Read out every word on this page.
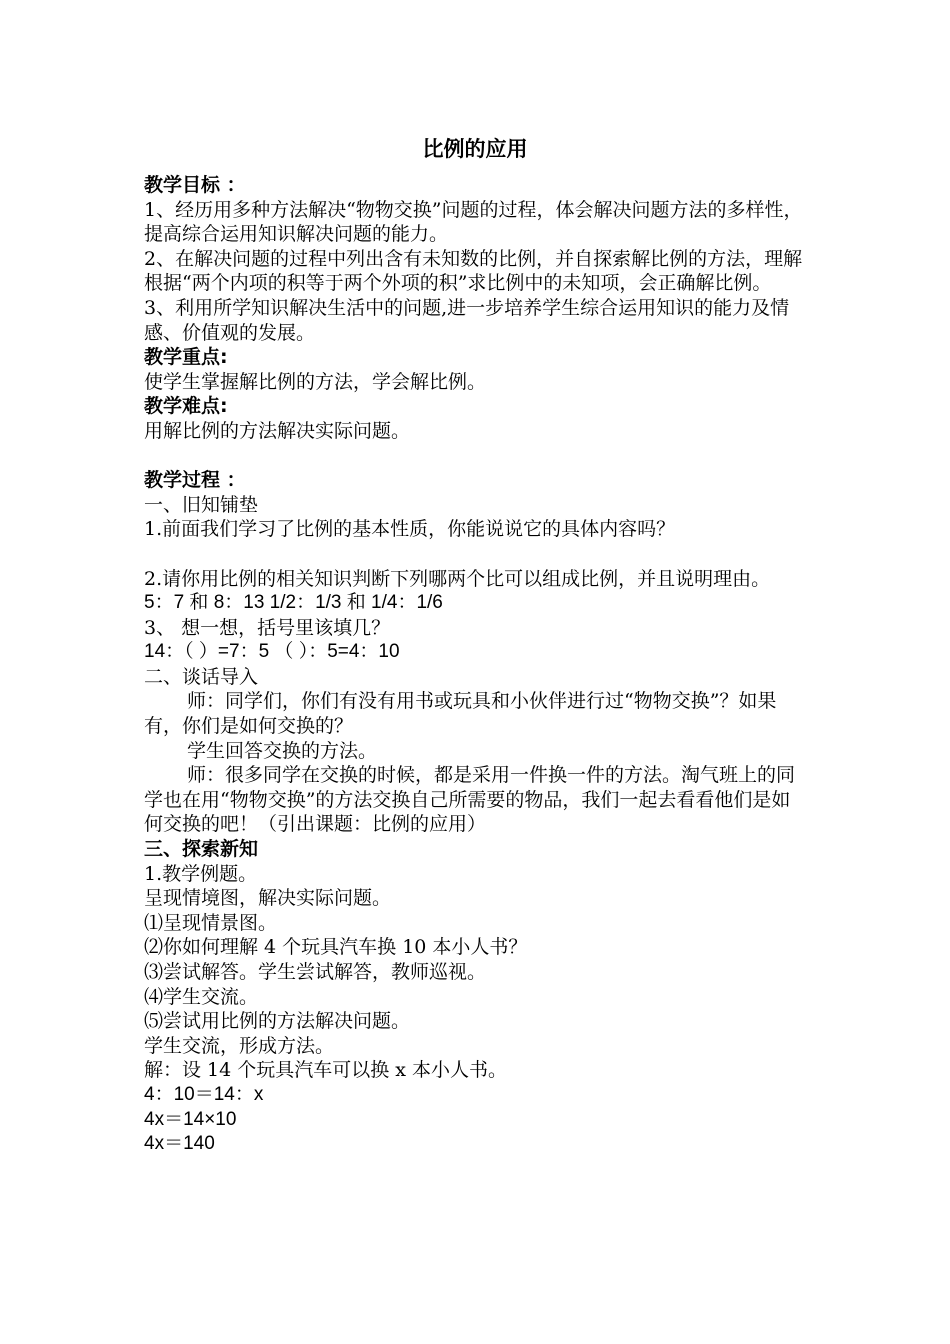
比例的应用

教学目标 ：

1、经历用多种方法解决“物物交换”问题的过程，体会解决问题方法的多样性，提高综合运用知识解决问题的能力。

2、在解决问题的过程中列出含有未知数的比例，并自探索解比例的方法，理解根据“两个内项的积等于两个外项的积”求比例中的未知项，会正确解比例。

3、利用所学知识解决生活中的问题,进一步培养学生综合运用知识的能力及情感、价值观的发展。

教学重点:

使学生掌握解比例的方法，学会解比例。

教学难点:

用解比例的方法解决实际问题。

教学过程 ：

一、旧知铺垫

1.前面我们学习了比例的基本性质，你能说说它的具体内容吗？

2.请你用比例的相关知识判断下列哪两个比可以组成比例，并且说明理由。

5：7 和 8：13 1/2：1/3 和 1/4：1/6

3、 想一想，括号里该填几？

14：（ ）=7：5 （ ）：5=4：10

二、谈话导入

师：同学们，你们有没有用书或玩具和小伙伴进行过“物物交换”？如果有，你们是如何交换的？

学生回答交换的方法。

师：很多同学在交换的时候，都是采用一件换一件的方法。淘气班上的同学也在用“物物交换”的方法交换自己所需要的物品，我们一起去看看他们是如何交换的吧！（引出课题：比例的应用）

三、探索新知

1.教学例题。

呈现情境图，解决实际问题。

⑴呈现情景图。

⑵你如何理解 4 个玩具汽车换 10 本小人书？

⑶尝试解答。学生尝试解答，教师巡视。

⑷学生交流。

⑸尝试用比例的方法解决问题。

学生交流，形成方法。

解：设 14 个玩具汽车可以换 x 本小人书。

4：10＝14：x

4x＝14×10

4x＝140
